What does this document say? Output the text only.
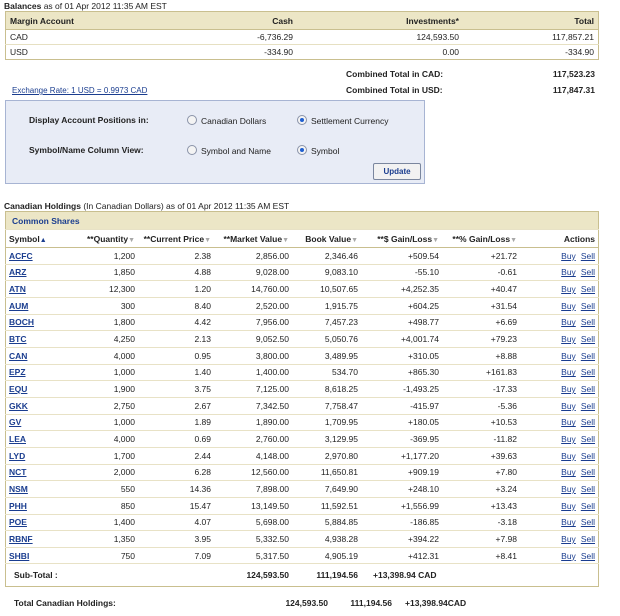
Balances as of 01 Apr 2012 11:35 AM EST
Margin Account	Cash	Investments*	Total
CAD	-6,736.29	124,593.50	117,857.21
USD	-334.90	0.00	-334.90
Combined Total in CAD:	117,523.23
Combined Total in USD:	117,847.31
Exchange Rate: 1 USD = 0.9973 CAD
Display Account Positions in:	Canadian Dollars	Settlement Currency
Symbol/Name Column View:	Symbol and Name	Symbol
Update
Canadian Holdings (In Canadian Dollars) as of 01 Apr 2012 11:35 AM EST
Common Shares							
Symbol▲	**Quantity▼	**Current Price▼	**Market Value▼	Book Value▼	**$ Gain/Loss▼	**% Gain/Loss▼	Actions
ACFC	1,200	2.38	2,856.00	2,346.46	+509.54	+21.72	Buy Sell
ARZ	1,850	4.88	9,028.00	9,083.10	-55.10	-0.61	Buy Sell
ATN	12,300	1.20	14,760.00	10,507.65	+4,252.35	+40.47	Buy Sell
AUM	300	8.40	2,520.00	1,915.75	+604.25	+31.54	Buy Sell
BOCH	1,800	4.42	7,956.00	7,457.23	+498.77	+6.69	Buy Sell
BTC	4,250	2.13	9,052.50	5,050.76	+4,001.74	+79.23	Buy Sell
CAN	4,000	0.95	3,800.00	3,489.95	+310.05	+8.88	Buy Sell
EPZ	1,000	1.40	1,400.00	534.70	+865.30	+161.83	Buy Sell
EQU	1,900	3.75	7,125.00	8,618.25	-1,493.25	-17.33	Buy Sell
GKK	2,750	2.67	7,342.50	7,758.47	-415.97	-5.36	Buy Sell
GV	1,000	1.89	1,890.00	1,709.95	+180.05	+10.53	Buy Sell
LEA	4,000	0.69	2,760.00	3,129.95	-369.95	-11.82	Buy Sell
LYD	1,700	2.44	4,148.00	2,970.80	+1,177.20	+39.63	Buy Sell
NCT	2,000	6.28	12,560.00	11,650.81	+909.19	+7.80	Buy Sell
NSM	550	14.36	7,898.00	7,649.90	+248.10	+3.24	Buy Sell
PHH	850	15.47	13,149.50	11,592.51	+1,556.99	+13.43	Buy Sell
POE	1,400	4.07	5,698.00	5,884.85	-186.85	-3.18	Buy Sell
RBNF	1,350	3.95	5,332.50	4,938.28	+394.22	+7.98	Buy Sell
SHBI	750	7.09	5,317.50	4,905.19	+412.31	+8.41	Buy Sell
Sub-Total :			124,593.50	111,194.56	+13,398.94 CAD		
Total Canadian Holdings:	124,593.50	111,194.56 +13,398.94CAD
